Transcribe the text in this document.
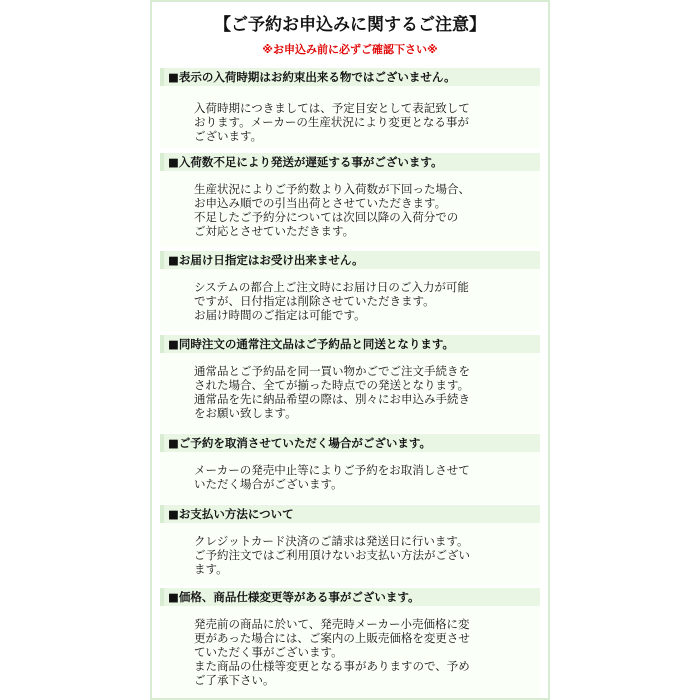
【ご予約お申込みに関するご注意】
※お申込み前に必ずご確認下さい※
■表示の入荷時期はお約束出来る物ではございません。
入荷時期につきましては、予定目安として表記致して
おります。メーカーの生産状況により変更となる事が
ございます。
■入荷数不足により発送が遅延する事がございます。
生産状況によりご予約数より入荷数が下回った場合、
お申込み順での引当出荷とさせていただきます。
不足したご予約分については次回以降の入荷分での
ご対応とさせていただきます。
■お届け日指定はお受け出来ません。
システムの都合上ご注文時にお届け日のご入力が可能
ですが、日付指定は削除させていただきます。
お届け時間のご指定は可能です。
■同時注文の通常注文品はご予約品と同送となります。
通常品とご予約品を同一買い物かごでご注文手続きを
された場合、全てが揃った時点での発送となります。
通常品を先に納品希望の際は、別々にお申込み手続き
をお願い致します。
■ご予約を取消させていただく場合がございます。
メーカーの発売中止等によりご予約をお取消しさせて
いただく場合がございます。
■お支払い方法について
クレジットカード決済のご請求は発送日に行います。
ご予約注文ではご利用頂けないお支払い方法がござい
ます。
■価格、商品仕様変更等がある事がございます。
発売前の商品に於いて、発売時メーカー小売価格に変
更があった場合には、ご案内の上販売価格を変更させ
ていただく事がございます。
また商品の仕様等変更となる事がありますので、予め
ご了承下さい。
